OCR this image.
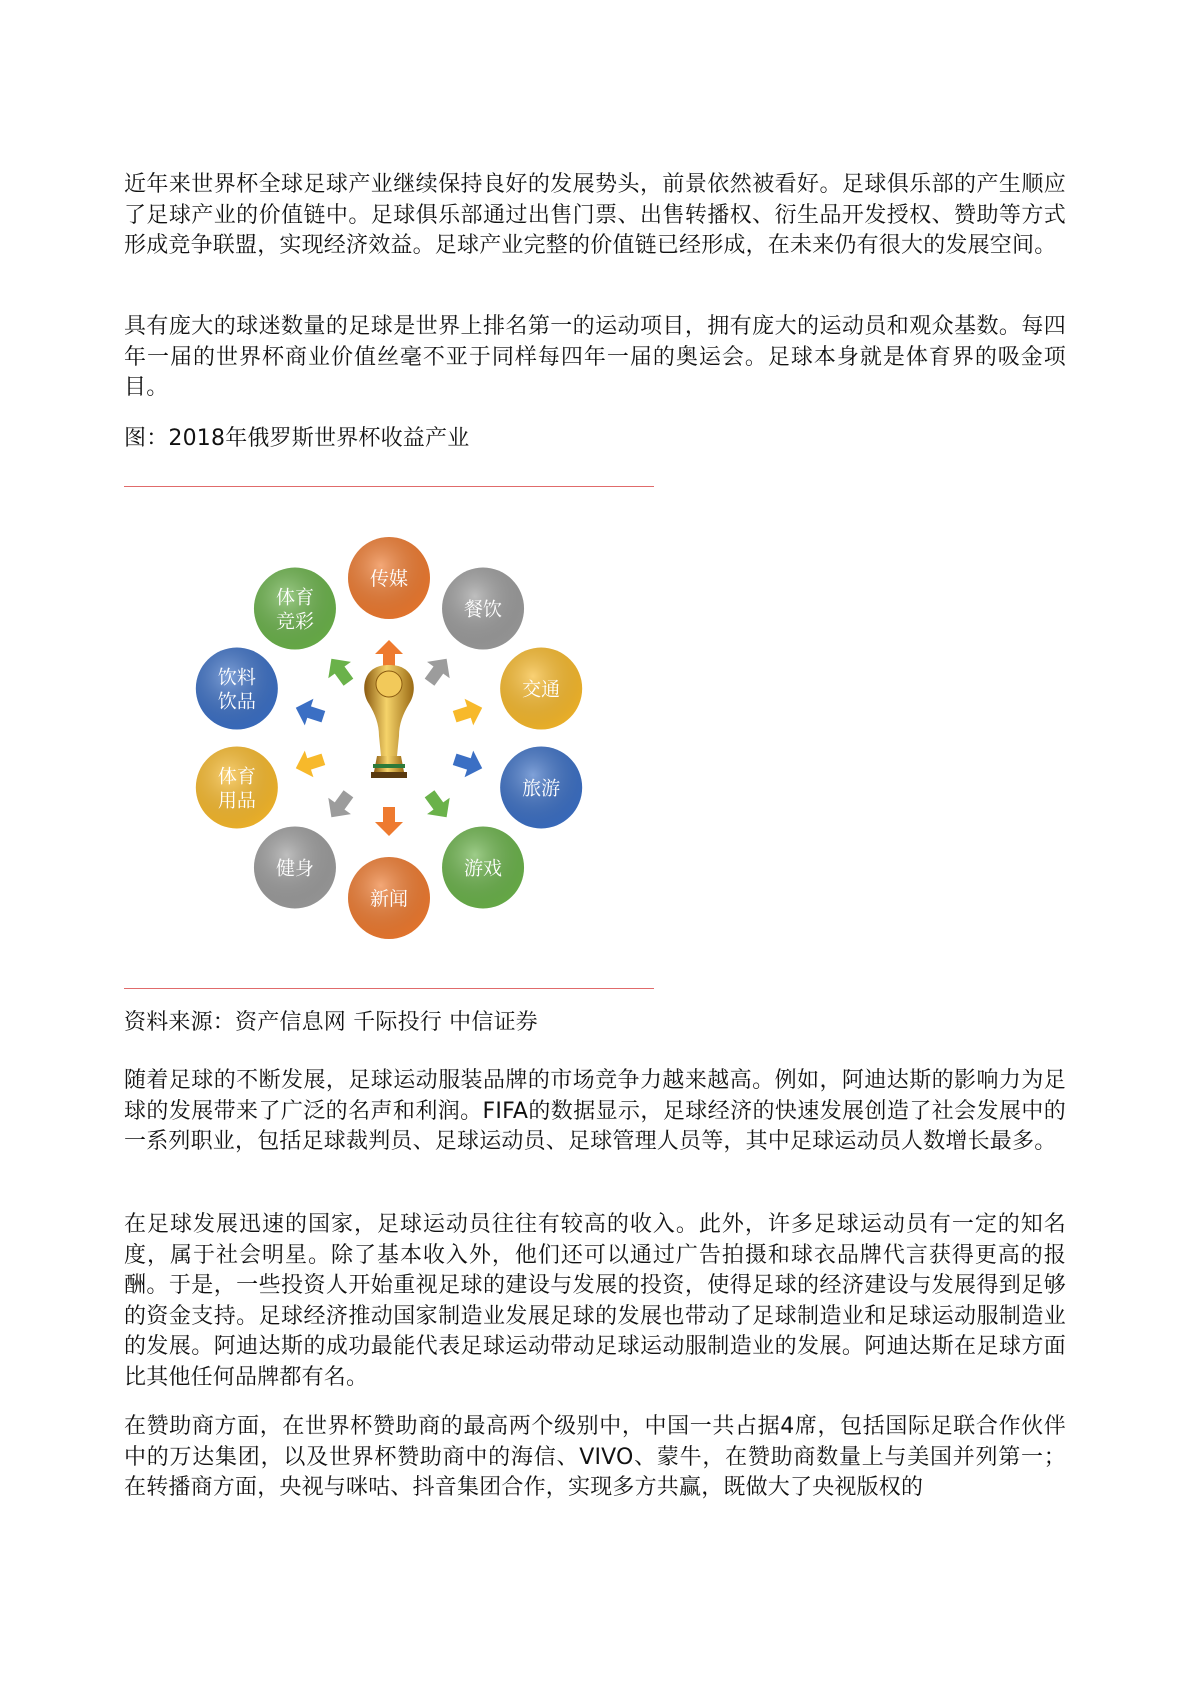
近年来世界杯全球足球产业继续保持良好的发展势头，前景依然被看好。足球俱乐部的产生顺应了足球产业的价值链中。足球俱乐部通过出售门票、出售转播权、衍生品开发授权、赞助等方式形成竞争联盟，实现经济效益。足球产业完整的价值链已经形成，在未来仍有很大的发展空间。

具有庞大的球迷数量的足球是世界上排名第一的运动项目，拥有庞大的运动员和观众基数。每四年一届的世界杯商业价值丝毫不亚于同样每四年一届的奥运会。足球本身就是体育界的吸金项目。

图：2018年俄罗斯世界杯收益产业

传媒
餐饮
交通
旅游
游戏
新闻
健身
体育
用品
饮料
饮品
体育
竞彩

资料来源：资产信息网 千际投行 中信证券

随着足球的不断发展，足球运动服装品牌的市场竞争力越来越高。例如，阿迪达斯的影响力为足球的发展带来了广泛的名声和利润。FIFA的数据显示，足球经济的快速发展创造了社会发展中的一系列职业，包括足球裁判员、足球运动员、足球管理人员等，其中足球运动员人数增长最多。

在足球发展迅速的国家，足球运动员往往有较高的收入。此外，许多足球运动员有一定的知名度，属于社会明星。除了基本收入外，他们还可以通过广告拍摄和球衣品牌代言获得更高的报酬。于是，一些投资人开始重视足球的建设与发展的投资，使得足球的经济建设与发展得到足够的资金支持。足球经济推动国家制造业发展足球的发展也带动了足球制造业和足球运动服制造业的发展。阿迪达斯的成功最能代表足球运动带动足球运动服制造业的发展。阿迪达斯在足球方面比其他任何品牌都有名。

在赞助商方面，在世界杯赞助商的最高两个级别中，中国一共占据4席，包括国际足联合作伙伴中的万达集团，以及世界杯赞助商中的海信、VIVO、蒙牛，在赞助商数量上与美国并列第一；在转播商方面，央视与咪咕、抖音集团合作，实现多方共赢，既做大了央视版权的
